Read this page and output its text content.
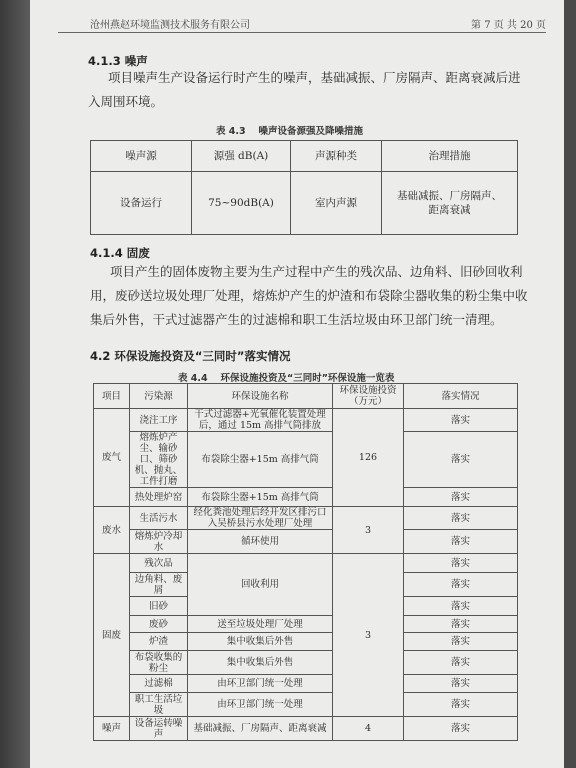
沧州燕赵环境监测技术服务有限公司	第 7 页 共 20 页
4.1.3 噪声
项目噪声生产设备运行时产生的噪声，基础减振、厂房隔声、距离衰减后进
入周围环境。
表 4.3　 噪声设备源强及降噪措施
噪声源	源强 dB(A)	声源种类	治理措施
设备运行	75~90dB(A)	室内声源	基础减振、厂房隔声、距离衰减
4.1.4 固废
项目产生的固体废物主要为生产过程中产生的残次品、边角料、旧砂回收利
用，废砂送垃圾处理厂处理，熔炼炉产生的炉渣和布袋除尘器收集的粉尘集中收
集后外售，干式过滤器产生的过滤棉和职工生活垃圾由环卫部门统一清理。
4.2 环保设施投资及“三同时”落实情况
表 4.4　 环保设施投资及“三同时”环保设施一览表
项目	污染源	环保设施名称	环保设施投资（万元）	落实情况
废气	浇注工序	干式过滤器+光氧催化装置处理后，通过 15m 高排气筒排放	126	落实
	熔炼炉产尘、输砂口、筛砂机、抛丸、工件打磨	布袋除尘器+15m 高排气筒		落实
	热处理炉窑	布袋除尘器+15m 高排气筒		落实
废水	生活污水	经化粪池处理后经开发区排污口入吴桥县污水处理厂处理	3	落实
	熔炼炉冷却水	循环使用		落实
固废	残次品	回收利用	3	落实
	边角料、废屑			落实
	旧砂			落实
	废砂	送至垃圾处理厂处理		落实
	炉渣	集中收集后外售		落实
	布袋收集的粉尘	集中收集后外售		落实
	过滤棉	由环卫部门统一处理		落实
	职工生活垃圾	由环卫部门统一处理		落实
噪声	设备运转噪声	基础减振、厂房隔声、距离衰减	4	落实
